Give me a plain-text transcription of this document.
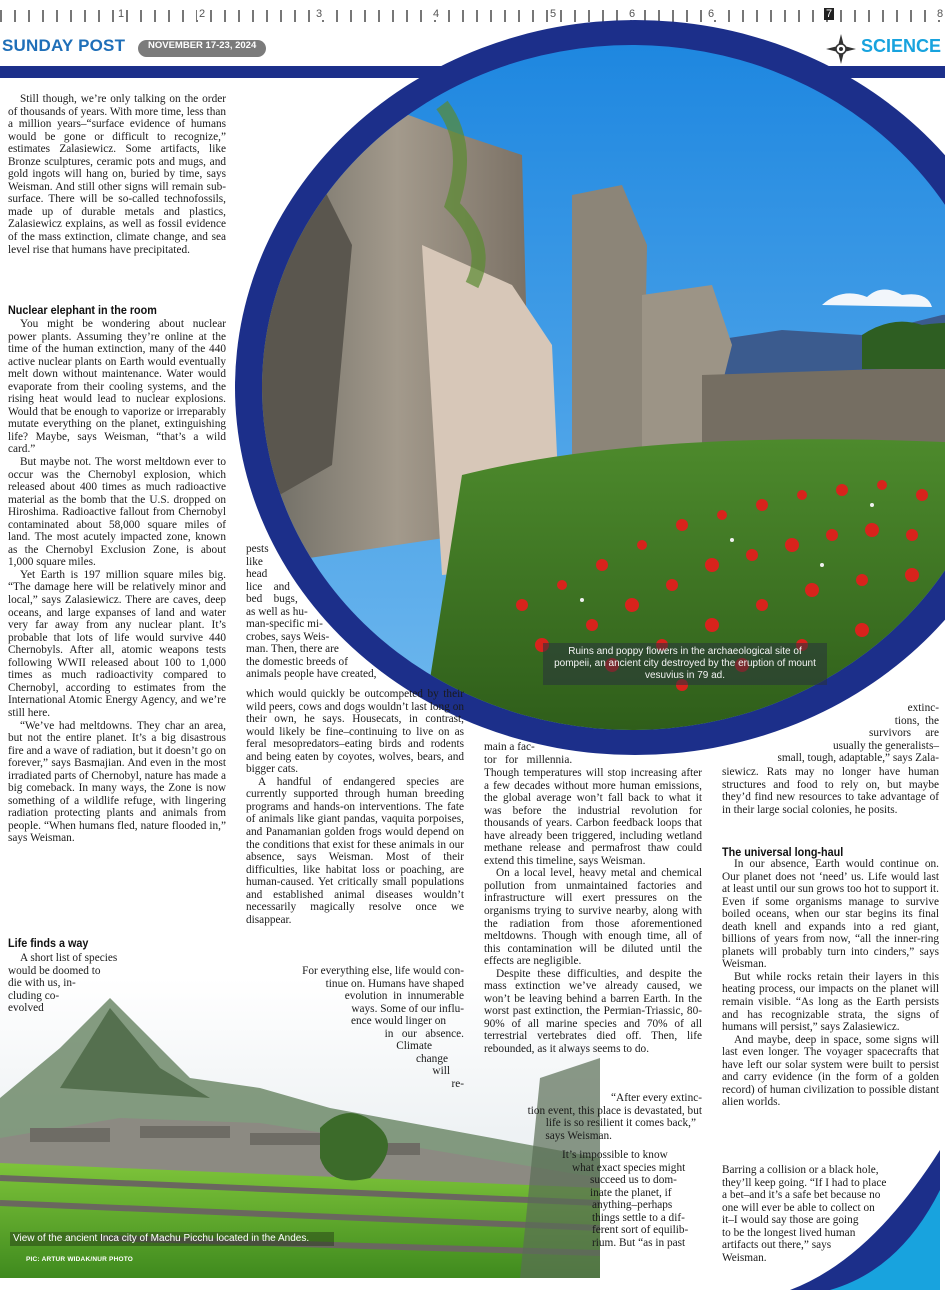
1	2	3	4	5	6	6	7	8
SUNDAY POST	NOVEMBER 17-23, 2024
Ruins and poppy flowers in the archaeological site of pompeii, an ancient city destroyed by the eruption of mount vesuvius in 79 ad.
View of the ancient Inca city of Machu Picchu located in the Andes.
PIC: ARTUR WIDAK/NUR PHOTO

Still though, we’re only talking on the order of thousands of years. With more time, less than a million years–“surface evidence of humans would be gone or difficult to recognize,” estimates Zalasiewicz. Some artifacts, like Bronze sculptures, ceramic pots and mugs, and gold ingots will hang on, buried by time, says Weisman. And still other signs will remain sub-surface. There will be so-called technofossils, made up of durable metals and plastics, Zalasiewicz explains, as well as fossil evidence of the mass extinction, climate change, and sea level rise that humans have precipitated.

Nuclear elephant in the room

You might be wondering about nuclear power plants. Assuming they’re online at the time of the human extinction, many of the 440 active nuclear plants on Earth would eventually melt down without maintenance. Water would evaporate from their cooling systems, and the rising heat would lead to nuclear explosions. Would that be enough to vaporize or irreparably mutate everything on the planet, extinguishing life? Maybe, says Weisman, “that’s a wild card.”

But maybe not. The worst meltdown ever to occur was the Chernobyl explosion, which released about 400 times as much radioactive material as the bomb that the U.S. dropped on Hiroshima. Radioactive fallout from Chernobyl contaminated about 58,000 square miles of land. The most acutely impacted zone, known as the Chernobyl Exclusion Zone, is about 1,000 square miles.

Yet Earth is 197 million square miles big. “The damage here will be relatively minor and local,” says Zalasiewicz. There are caves, deep oceans, and large expanses of land and water very far away from any nuclear plant. It’s probable that lots of life would survive 440 Chernobyls. After all, atomic weapons tests following WWII released about 100 to 1,000 times as much radioactivity compared to Chernobyl, according to estimates from the International Atomic Energy Agency, and we’re still here.

“We’ve had meltdowns. They char an area, but not the entire planet. It’s a big disastrous fire and a wave of radiation, but it doesn’t go on forever,” says Basmajian. And even in the most irradiated parts of Chernobyl, nature has made a big comeback. In many ways, the Zone is now something of a wildlife refuge, with lingering radiation protecting plants and animals from people. “When humans fled, nature flooded in,” says Weisman.

Life finds a way
A short list of species
would be doomed to
die with us, in-
cluding co-
evolved
pests
like
head
lice    and
bed    bugs,
as well as hu-
man-specific mi-
crobes, says Weis-
man. Then, there are
the domestic breeds of
animals people have created,

which would quickly be outcompeted by their wild peers, cows and dogs wouldn’t last long on their own, he says. Housecats, in contrast, would likely be fine–continuing to live on as feral mesopredators–eating birds and rodents and being eaten by coyotes, wolves, bears, and bigger cats.

A handful of endangered species are currently supported through human breeding programs and hands-on interventions. The fate of animals like giant pandas, vaquita porpoises, and Panamanian golden frogs would depend on the conditions that exist for these animals in our absence, says Weisman. Most of their difficulties, like habitat loss or poaching, are human-caused. Yet critically small populations and established animal diseases wouldn’t necessarily magically resolve once we disappear.

For everything else, life would con-
tinue on. Humans have shaped
evolution  in  innumerable
ways. Some of our influ-
ence would linger on
in   our   absence.
Climate
change
will
re-
main a fac-
tor   for   millennia.

Though temperatures will stop increasing after a few decades without more human emissions, the global average won’t fall back to what it was before the industrial revolution for thousands of years. Carbon feedback loops that have already been triggered, including wetland methane release and permafrost thaw could extend this timeline, says Weisman.

On a local level, heavy metal and chemical pollution from unmaintained factories and infrastructure will exert pressures on the organisms trying to survive nearby, along with the radiation from those aforementioned meltdowns. Though with enough time, all of this contamination will be diluted until the effects are negligible.

Despite these difficulties, and despite the mass extinction we’ve already caused, we won’t be leaving behind a barren Earth. In the worst past extinction, the Permian-Triassic, 80-90% of all marine species and 70% of all terrestrial vertebrates died off. Then, life rebounded, as it always seems to do.

“After every extinc-
tion event, this place is devastated, but
life is so resilient it comes back,”
says Weisman.
It’s impossible to know
what exact species might
succeed us to dom-
inate the planet, if
anything–perhaps
things settle to a dif-
ferent sort of equilib-
rium. But “as in past
extinc-
tions,  the
survivors     are
usually the generalists–
small, tough, adaptable,” says Zala-

siewicz. Rats may no longer have human structures and food to rely on, but maybe they’d find new resources to take advantage of in their large social colonies, he posits.

The universal long-haul

In our absence, Earth would continue on. Our planet does not ‘need’ us. Life would last at least until our sun grows too hot to support it. Even if some organisms manage to survive boiled oceans, when our star begins its final death knell and expands into a red giant, billions of years from now, “all the inner-ring planets will probably turn into cinders,” says Weisman.

But while rocks retain their layers in this heating process, our impacts on the planet will remain visible. “As long as the Earth persists and has recognizable strata, the signs of humans will persist,” says Zalasiewicz.

And maybe, deep in space, some signs will last even longer. The voyager spacecrafts that have left our solar system were built to persist and carry evidence (in the form of a golden record) of human civilization to possible distant alien worlds.

Barring a collision or a black hole,
they’ll keep going. “If I had to place
a bet–and it’s a safe bet because no
one will ever be able to collect on
it–I would say those are going
to be the longest lived human
artifacts out there,” says
Weisman.
